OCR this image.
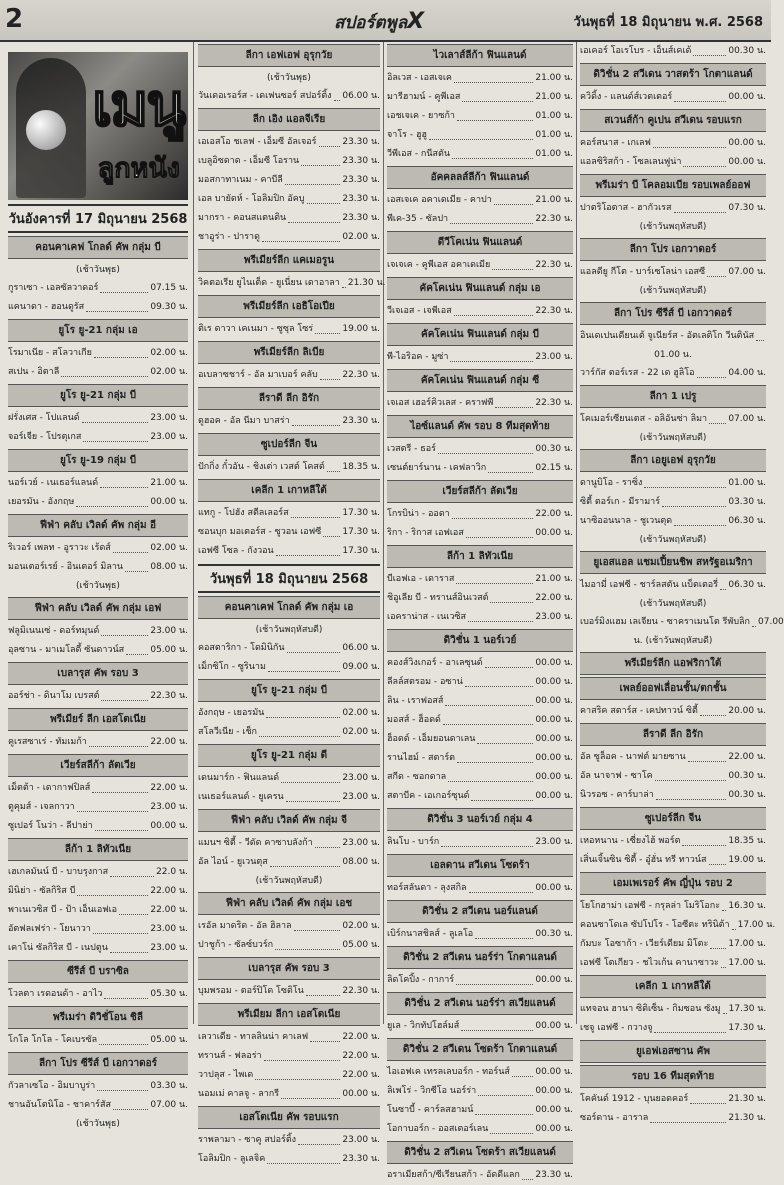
2	สปอร์ตพูลX	วันพุธที่ 18 มิถุนายน พ.ศ. 2568
เมนู
ลูกหนัง
วันอังคารที่ 17 มิถุนายน 2568
คอนคาเคฟ โกลด์ คัพ กลุ่ม บี
(เช้าวันพุธ)
กูราเซา - เอลซัลวาดอร์	07.15 น.
แคนาดา - ฮอนดูรัส	09.30 น.
ยูโร ยู-21 กลุ่ม เอ
โรมาเนีย - สโลวาเกีย	02.00 น.
สเปน - อิตาลี	02.00 น.
ยูโร ยู-21 กลุ่ม บี
ฝรั่งเศส - โปแลนด์	23.00 น.
จอร์เจีย - โปรตุเกส	23.00 น.
ยูโร ยู-19 กลุ่ม บี
นอร์เวย์ - เนเธอร์แลนด์	21.00 น.
เยอรมัน - อังกฤษ	00.00 น.
ฟีฟ่า คลับ เวิลด์ คัพ กลุ่ม อี
ริเวอร์ เพลท - อูราวะ เร้ดส์	02.00 น.
มอนเตอร์เรย์ - อินเตอร์ มิลาน	08.00 น.
(เช้าวันพุธ)
ฟีฟ่า คลับ เวิลด์ คัพ กลุ่ม เอฟ
ฟลูมิเนนเซ่ - ดอร์ทมุนด์	23.00 น.
อุลซาน - มาเมโลดี้ ซันดาวน์ส	05.00 น.
เบลารุส คัพ รอบ 3
ออร์ช่า - ดินาโม เบรสต์	22.30 น.
พรีเมียร์ ลีก เอสโตเนีย
คูเรสซาเร่ - ทัมเมก้า	22.00 น.
เวียร์สลีก้า ลัตเวีย
เม็ตต้า - เดากาฟปิลส์	22.00 น.
ตูคุมส์ - เจลกาวา	23.00 น.
ซูเปอร์ โนว่า - ลีปาย่า	00.00 น.
ลีก้า 1 ลิทัวเนีย
เฮเกลมันน์ บี - บาบรุงกาส	22.0 น.
มินิย่า - ซัลกิริส บี	22.00 น.
พาเนเวซิส บี - ป้า เอ็นเอฟเอ	22.00 น.
อัตฟลเฟร่า - โยนาวา	23.00 น.
เคาโน่ ซัลกิริส บี - เนปตูน	23.00 น.
ซีรีส์ บี บราซิล
โวลตา เรดอนด้า - อาไว	05.30 น.
พรีเมร่า ดิวิชั่โอน ชิลี
โกโล โกโล - โคเบรซัล	05.00 น.
ลีกา โปร ซีรีส์ บี เอกวาดอร์
กัวลาเซโอ - อิมบาบูร่า	03.30 น.
ชานอันโตนิโอ - ชาคาร์สัส	07.00 น.
(เช้าวันพุธ)
ลีกา เอฟเอฟ อุรุกวัย
(เช้าวันพุธ)
วันเดอเรอร์ส - เดเฟนซอร์ สปอร์ติ้ง 06.00 น.
ลีก เอิง แอลจีเรีย
เอเอสโอ ชเลฟ - เอ็มซี อัลเจอร์	23.30 น.
เบลูอิซดาด - เอ็มซี โอราน	23.30 น.
มอสกาทาเนม - คาบีลี	23.30 น.
เอล บายัดห์ - โอลิมปิก อัคบู	23.30 น.
มากรา - คอนสแตนติน	23.30 น.
ชาอูร่า - ปาราดู	02.00 น.
พรีเมียร์ลีก แคเมอรูน
วิคตอเรีย ยูไนเต็ด - ยูเนี่ยน เดาอาลา 21.30 น.
พรีเมียร์ลีก เอธิโอเปีย
ติเร ดาวา เคเนมา - ซูซุล โซร่	19.00 น.
พรีเมียร์ลีก ลิเบีย
อเบลาซชาร์ - อัล มาเบอร์ คลับ	22.30 น.
ลีราดี ลีก อิรัก
ดูฮอค - อัล นีมา บาสร่า	23.30 น.
ซูเปอร์ลีก จีน
ปักกิ่ง กั๋วอัน - ชิงเต่า เวสต์ โคสต์ 18.35 น.
เคลีก 1 เกาหลีใต้
แทกู - โปฮัง สตีลเลอร์ส	17.30 น.
ซอนบุก มอเตอร์ส - ซูวอน เอฟซี 17.30 น.
เอฟซี โซล - กังวอน	17.30 น.
วันพุธที่ 18 มิถุนายน 2568
คอนคาเคฟ โกลด์ คัพ กลุ่ม เอ
(เช้าวันพฤหัสบดี)
คอสตาริกา - โดมินิกัน	06.00 น.
เม็กซิโก - ซูรินาม	09.00 น.
ยูโร ยู-21 กลุ่ม บี
อังกฤษ - เยอรมัน	02.00 น.
สโลวีเนีย - เช็ก	02.00 น.
ยูโร ยู-21 กลุ่ม ดี
เดนมาร์ก - ฟินแลนด์	23.00 น.
เนเธอร์แลนด์ - ยูเครน	23.00 น.
ฟีฟ่า คลับ เวิลด์ คัพ กลุ่ม จี
แมนฯ ซิตี้ - วีดัด คาซาบลังก้า	23.00 น.
อัล ไอน์ - ยูเวนตุส	08.00 น.
(เช้าวันพฤหัสบดี)
ฟีฟ่า คลับ เวิลด์ คัพ กลุ่ม เอช
เรอัล มาดริด - อัล ฮิลาล	02.00 น.
ปาชูก้า - ซัลซ์บวร์ก	05.00 น.
เบลารุส คัพ รอบ 3
บุมพรอม - ตอร์ปิโด โซดิโน	22.30 น.
พรีเมียม ลีกา เอสโตเนีย
เลวาเดีย - ทาลลินน่า คาเลฟ	22.00 น.
ทรานส์ - ฟลอร่า	22.00 น.
วาปลุส - ไพเด	22.00 น.
นอมเม่ คาลจู - ลากรี	00.00 น.
เอสโตเนีย คัพ รอบแรก
ราพลามา - ซาคู สปอร์ติ้ง	23.00 น.
โอลิมปิก - ลูเลจิค	23.30 น.
ไวเลาส์ลีก้า ฟินแลนด์
อิลเวส - เอสเจเค	21.00 น.
มารีฮามน์ - คูพีเอส	21.00 น.
เอชเจเค - ยาซก้า	01.00 น.
จาโร - ฮูฮู	01.00 น.
วีพีเอส - กนีสตัน	01.00 น.
อัคคลลส์ลีก้า ฟินแลนด์
เอสเจเค อคาเดเมีย - คาปา	21.00 น.
พีเค-35 - ซัลปา	22.30 น.
ดีวีโคเน่น ฟินแลนด์
เจเจเค - คูพีเอส อคาเดเมีย	22.30 น.
คัคโคเน่น ฟินแลนด์ กลุ่ม เอ
วีเจเอส - เจพีเอส	22.30 น.
คัคโคเน่น ฟินแลนด์ กลุ่ม บี
พี-ไอริอค - มูซ่า	23.00 น.
คัคโคเน่น ฟินแลนด์ กลุ่ม ซี
เจเอส เฮอร์คิวเลส - คราฟพี	22.30 น.
ไอซ์แลนด์ คัพ รอบ 8 ทีมสุดท้าย
เวสตรี - ธอร์	00.30 น.
เซนต์ยาร์นาน - เคฟลาวิก	02.15 น.
เวียร์สลีก้า ลัตเวีย
โกรบิน่า - ออดา	22.00 น.
ริกา - ริกาส เอฟเอส	00.00 น.
ลีก้า 1 ลิทัวเนีย
บีเอฟเอ - เดาราส	21.00 น.
ชิอูเลีย บี - ทรานส์อินเวสต์	22.00 น.
เอคราน่าส - เนเวซิส	23.00 น.
ดิวิชั่น 1 นอร์เวย์
คองส์วิงเกอร์ - อาเลซุนด์	00.00 น.
ลีลล์สตรอม - อซาน่	00.00 น.
ลิน - เราฟอสส์	00.00 น.
มอสส์ - ฮ็อดด์	00.00 น.
ฮ็อดด์ - เอ็มยอนดาเลน	00.00 น.
รานไฮม์ - สตาร์ต	00.00 น.
สกีด - ซอกดาล	00.00 น.
สตาบีค - เอเกอร์ซุนด์	00.00 น.
ดิวิชั่น 3 นอร์เวย์ กลุ่ม 4
ลินโบ - บาร์ก	23.00 น.
เอลดาน สวีเดน โซดร้า
ทอร์สลันดา - ลุงสกิล	00.00 น.
ดิวิชั่น 2 สวีเดน นอร์แลนด์
เบิร์กนาสชิลส์ - ลูเลโอ	00.30 น.
ดิวิชั่น 2 สวีเดน นอร์ร่า โกตาแลนด์
ลิดโคปิ้ง - กาการ์	00.00 น.
ดิวิชั่น 2 สวีเดน นอร์ร่า สเวียแลนด์
ยูเล - วิกทัปโฮล์มส์	00.00 น.
ดิวิชั่น 2 สวีเดน โซดร้า โกตาแลนด์
ไอเอฟเค เทรลเลบอร์ก - ทอร์นส์	00.00 น.
ลิเพโร่ - วิกซีโอ นอร์ร่า	00.00 น.
โนซาบี้ - คาร์ลสฮามน์	00.00 น.
โอกาบอร์ก - ออสเตอร์เลน	00.00 น.
ดิวิชั่น 2 สวีเดน โซดร้า สเวียแลนด์
อราเมียสก้า/ซีเรียนสก้า - อัดดีแลก 23.30 น.
เอเคอร์ โอเรโบร - เอ็นส์เคเด้	00.30 น.
ดิวิชั่น 2 สวีเดน วาสตร้า โกตาแลนด์
ควิดิ้ง - แลนด์ส์เวตเตอร์	00.00 น.
สเวนส์ก้า คูเปน สวีเดน รอบแรก
คอร์สนาส - เกเลฟ	00.00 น.
แอลซิริสก้า - โซลเลนฟูน่า	00.00 น.
พรีเมร่า บี โคลอมเบีย รอบเพลย์ออฟ
ปาตริโอตาส - ฮากัวเรส	07.30 น.
(เช้าวันพฤหัสบดี)
ลีกา โปร เอกวาดอร์
แอลดียู กีโต - บาร์เซโลน่า เอสซี	07.00 น.
(เช้าวันพฤหัสบดี)
ลีกา โปร ซีรีส์ บี เอกวาดอร์
อินเดเปนเดียนเต้ จูเนียร์ส - อัตเลติโก วีนตินัส
01.00 น.
วาร์กัส ตอร์เรส - 22 เด ฮูลิโอ	04.00 น.
ลีกา 1 เปรู
โคเมอร์เซียนเตส - อลิอันซ่า ลิมา 07.00 น.
(เช้าวันพฤหัสบดี)
ลีกา เอยูเอฟ อุรุกวัย
ดานูบิโอ - ราซิ่ง	01.00 น.
ซิตี้ ตอร์เก - มีรามาร์	03.30 น.
นาซิออนนาล - ชูเวนตุด	06.30 น.
(เช้าวันพฤหัสบดี)
ยูเอสแอล แชมเปี้ยนชิพ สหรัฐอเมริกา
ไมอามี่ เอฟซี - ชาร์ลสตัน แบ็ตเตอรี่ 06.30 น.
(เช้าวันพฤหัสบดี)
เบอร์มิงแฮม เลเจียน - ซาคราเมนโต รีพับลิก 07.00
น. (เช้าวันพฤหัสบดี)
พรีเมียร์ลีก แอฟริกาใต้
เพลย์ออฟเลื่อนชั้น/ตกชั้น
คาสริค สตาร์ส - เคปทาวน์ ซิตี้	20.00 น.
ลีราดี ลีก อิรัก
อัล ซูล็อค - นาฟต์ มายซาน	22.00 น.
อัล นาจาฟ - ซาโค	00.30 น.
นิวรอซ - คาร์บาล่า	00.30 น.
ซูเปอร์ลีก จีน
เหอหนาน - เซี่ยงไฮ้ พอร์ต	18.35 น.
เสิ่นเจิ้นซิน ซิตี้ - อู๋ฮั่น ทรี ทาวน์ส 19.00 น.
เอมเพเรอร์ คัพ ญี่ปุ่น รอบ 2
โยโกฮาม่า เอฟซี - กรุลล่า โมริโอกะ 16.30 น.
คอนซาโดเล ซัปโปโร - โอซีตะ ทรินิต้า 17.00 น.
กัมบะ โอซาก้า - เวียร์เดียม มิโตะ 17.00 น.
เอฟซี โตเกียว - ชไวเก้น คานาซาวะ 17.00 น.
เคลีก 1 เกาหลีใต้
แทจอน ฮานา ซิติเซ็น - กิมซอน ซังมู 17.30 น.
เชจู เอฟซี - กวางจู	17.30 น.
ยูเอฟเอสซาน คัพ
รอบ 16 ทีมสุดท้าย
โคคันด์ 1912 - บุนยอดคอร์	21.30 น.
ซอร์ดาน - อาราล	21.30 น.
